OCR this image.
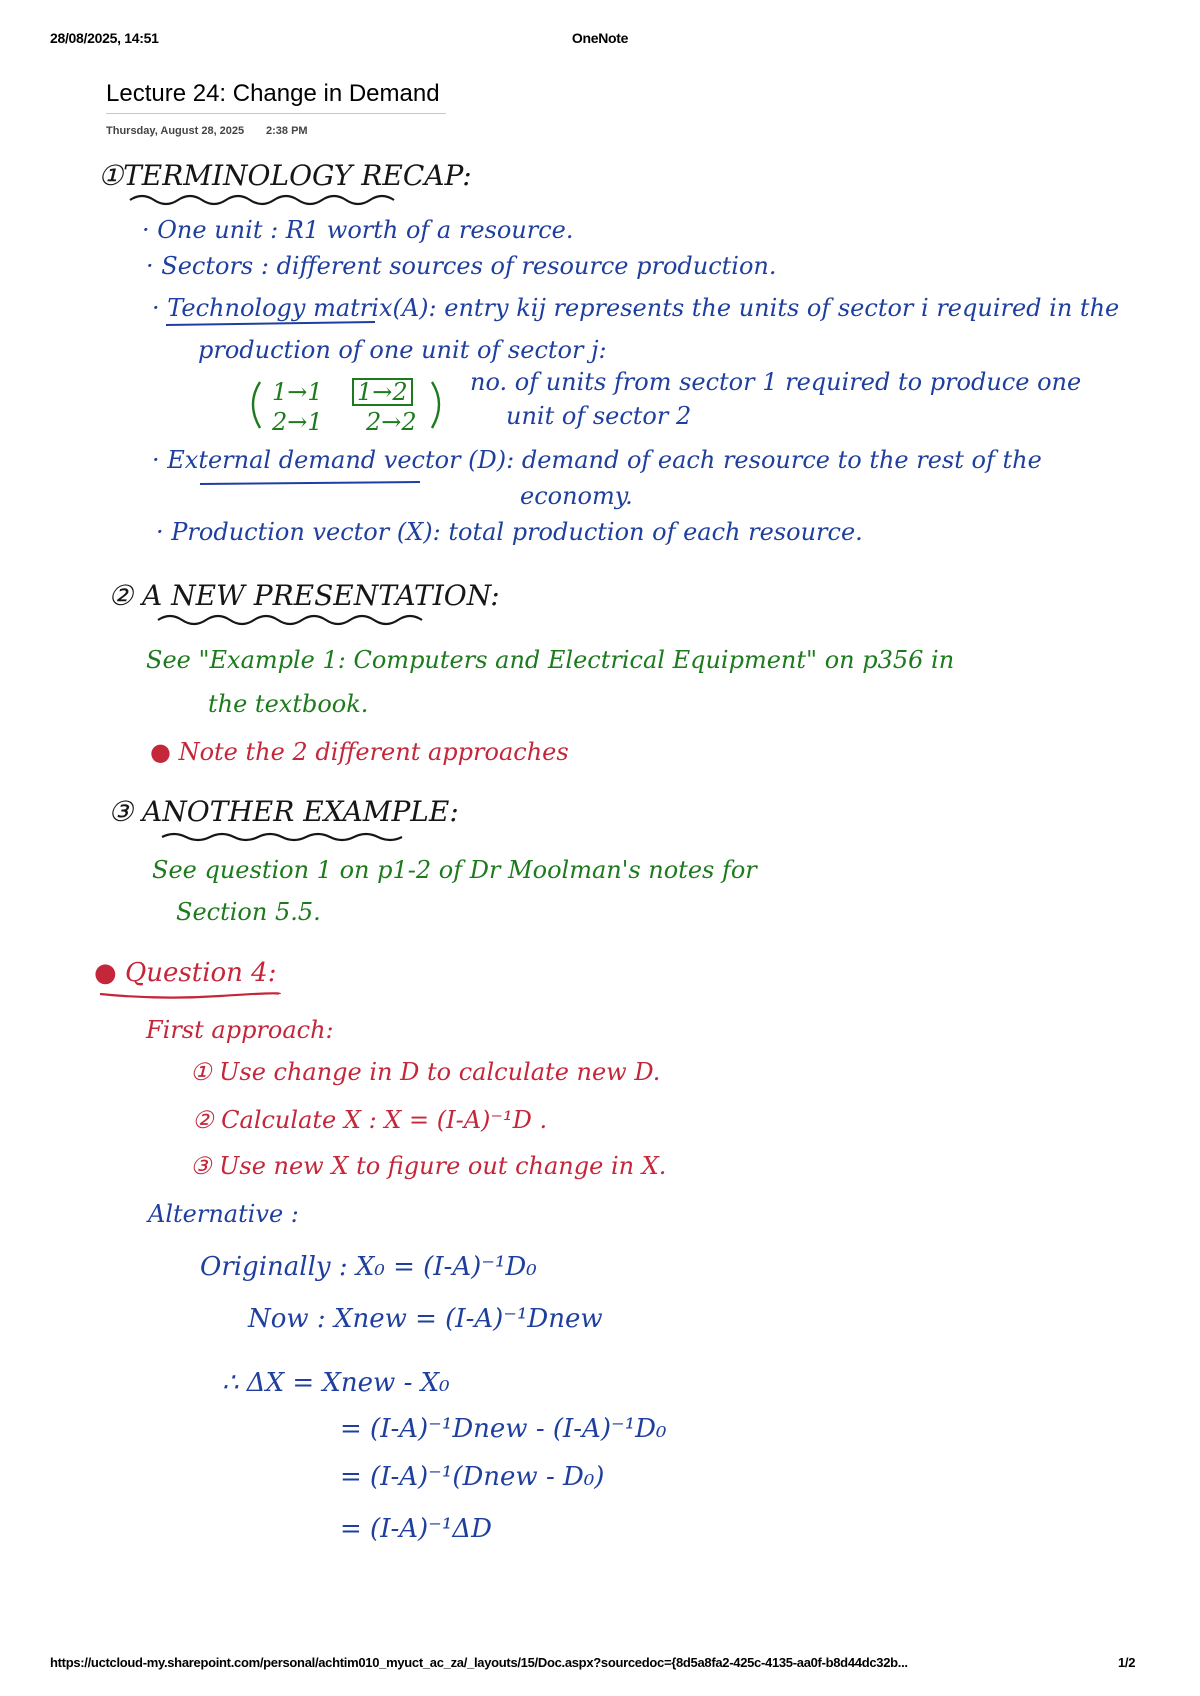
28/08/2025, 14:51	OneNote
https://uctcloud-my.sharepoint.com/personal/achtim010_myuct_ac_za/_layouts/15/Doc.aspx?sourcedoc={8d5a8fa2-425c-4135-aa0f-b8d44dc32b...	1/2
Lecture 24: Change in Demand
Thursday, August 28, 2025 2:38 PM
①TERMINOLOGY RECAP:
· One unit : R1 worth of a resource.
· Sectors : different sources of resource production.
· Technology matrix(A): entry kij represents the units of sector i required in the
production of one unit of sector j:
1→1
2→1
1→2
2→2
no. of units from sector 1 required to produce one
unit of sector 2
· External demand vector (D): demand of each resource to the rest of the
economy.
· Production vector (X): total production of each resource.
② A NEW PRESENTATION:
See "Example 1: Computers and Electrical Equipment" on p356 in
the textbook.
● Note the 2 different approaches
③ ANOTHER EXAMPLE:
See question 1 on p1-2 of Dr Moolman's notes for
Section 5.5.
● Question 4:
First approach:
① Use change in D to calculate new D.
② Calculate X : X = (I-A)⁻¹D .
③ Use new X to figure out change in X.
Alternative :
Originally : X₀ = (I-A)⁻¹D₀
Now : Xnew = (I-A)⁻¹Dnew
∴ ΔX = Xnew - X₀
= (I-A)⁻¹Dnew - (I-A)⁻¹D₀
= (I-A)⁻¹(Dnew - D₀)
= (I-A)⁻¹ΔD
